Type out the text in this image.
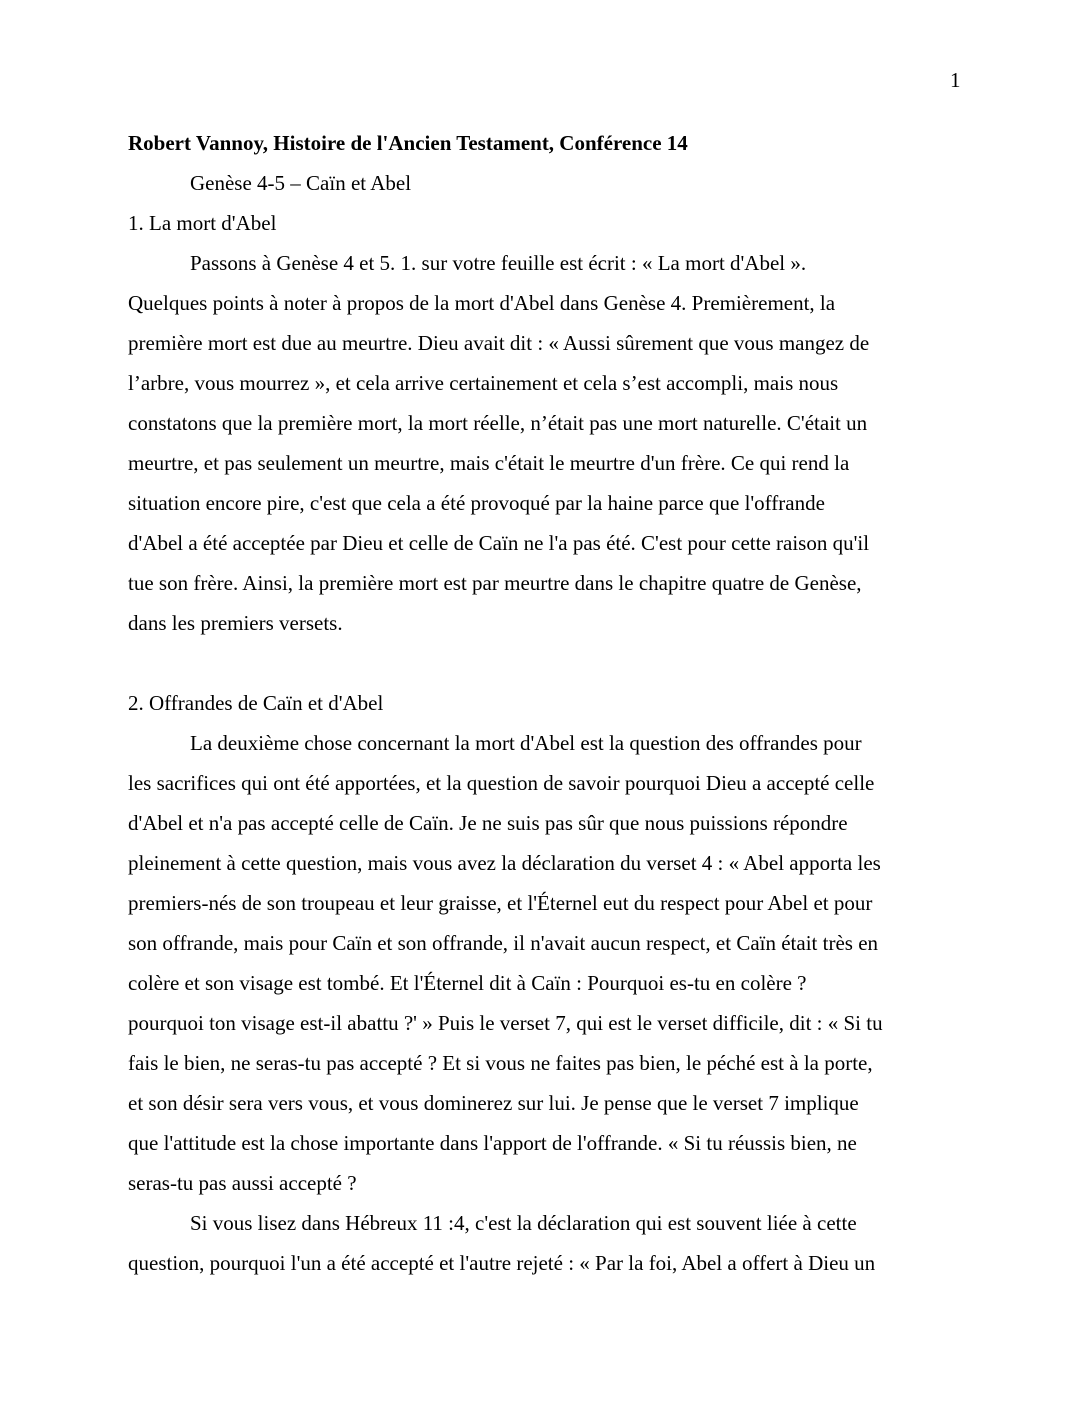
1
Robert Vannoy, Histoire de l'Ancien Testament, Conférence 14
Genèse 4-5 – Caïn et Abel
1. La mort d'Abel
Passons à Genèse 4 et 5. 1. sur votre feuille est écrit : « La mort d'Abel ».
Quelques points à noter à propos de la mort d'Abel dans Genèse 4. Premièrement, la
première mort est due au meurtre. Dieu avait dit : « Aussi sûrement que vous mangez de
l’arbre, vous mourrez », et cela arrive certainement et cela s’est accompli, mais nous
constatons que la première mort, la mort réelle, n’était pas une mort naturelle. C'était un
meurtre, et pas seulement un meurtre, mais c'était le meurtre d'un frère. Ce qui rend la
situation encore pire, c'est que cela a été provoqué par la haine parce que l'offrande
d'Abel a été acceptée par Dieu et celle de Caïn ne l'a pas été. C'est pour cette raison qu'il
tue son frère. Ainsi, la première mort est par meurtre dans le chapitre quatre de Genèse,
dans les premiers versets.
2. Offrandes de Caïn et d'Abel
La deuxième chose concernant la mort d'Abel est la question des offrandes pour
les sacrifices qui ont été apportées, et la question de savoir pourquoi Dieu a accepté celle
d'Abel et n'a pas accepté celle de Caïn. Je ne suis pas sûr que nous puissions répondre
pleinement à cette question, mais vous avez la déclaration du verset 4 : « Abel apporta les
premiers-nés de son troupeau et leur graisse, et l'Éternel eut du respect pour Abel et pour
son offrande, mais pour Caïn et son offrande, il n'avait aucun respect, et Caïn était très en
colère et son visage est tombé. Et l'Éternel dit à Caïn : Pourquoi es-tu en colère ?
pourquoi ton visage est-il abattu ?' » Puis le verset 7, qui est le verset difficile, dit : « Si tu
fais le bien, ne seras-tu pas accepté ? Et si vous ne faites pas bien, le péché est à la porte,
et son désir sera vers vous, et vous dominerez sur lui. Je pense que le verset 7 implique
que l'attitude est la chose importante dans l'apport de l'offrande. « Si tu réussis bien, ne
seras-tu pas aussi accepté ?
Si vous lisez dans Hébreux 11 :4, c'est la déclaration qui est souvent liée à cette
question, pourquoi l'un a été accepté et l'autre rejeté : « Par la foi, Abel a offert à Dieu un
